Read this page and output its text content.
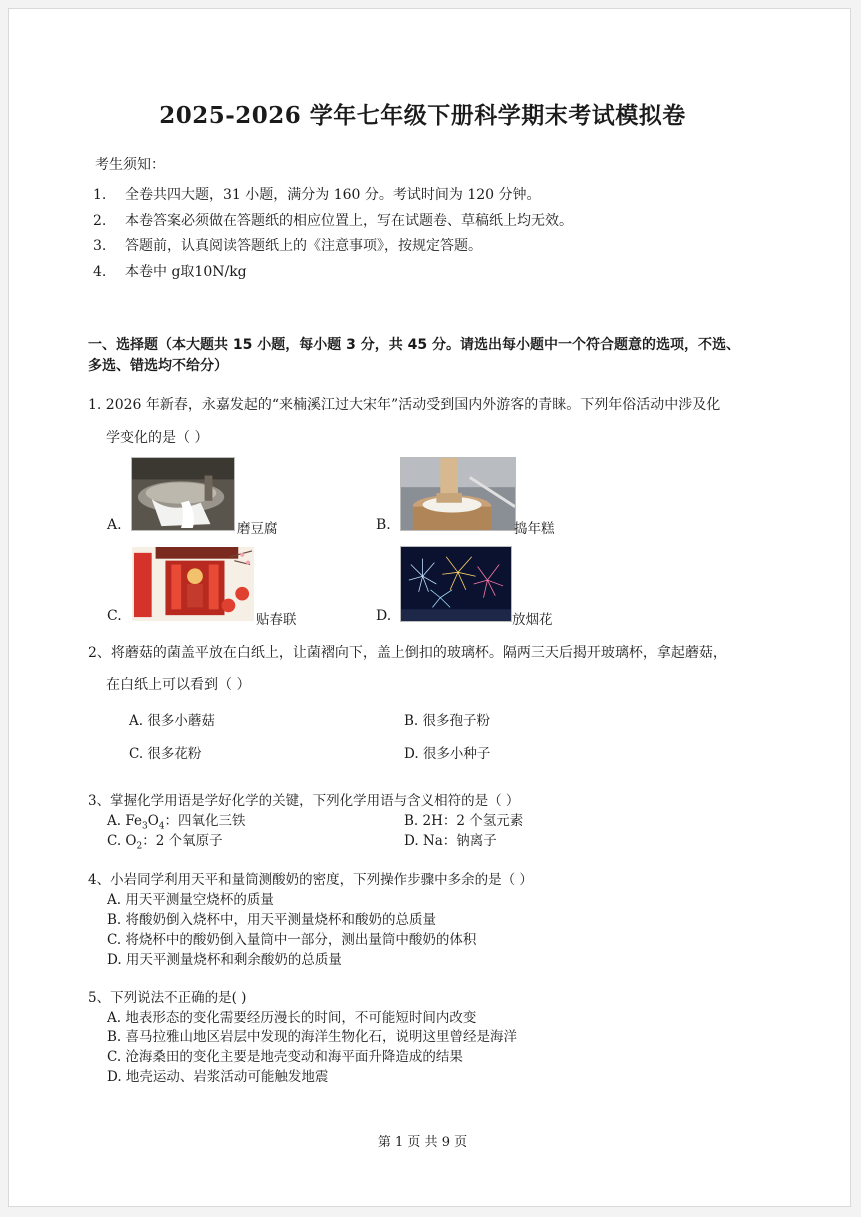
2025-2026 学年七年级下册科学期末考试模拟卷
考生须知：
1. 全卷共四大题，31 小题，满分为 160 分。考试时间为 120 分钟。
2. 本卷答案必须做在答题纸的相应位置上，写在试题卷、草稿纸上均无效。
3. 答题前，认真阅读答题纸上的《注意事项》，按规定答题。
4. 本卷中 g取10N/kg
一、选择题（本大题共 15 小题，每小题 3 分，共 45 分。请选出每小题中一个符合题意的选项，不选、
多选、错选均不给分）
1. 2026 年新春，永嘉发起的“来楠溪江过大宋年”活动受到国内外游客的青睐。下列年俗活动中涉及化
学变化的是（ ）
A.	磨豆腐	B.	捣年糕
C.	贴春联	D.	放烟花
2、将蘑菇的菌盖平放在白纸上，让菌褶向下，盖上倒扣的玻璃杯。隔两三天后揭开玻璃杯，拿起蘑菇，
在白纸上可以看到（ ）
A. 很多小蘑菇	B. 很多孢子粉
C. 很多花粉	D. 很多小种子
3、掌握化学用语是学好化学的关键，下列化学用语与含义相符的是（ ）
A. $Fe_3O_4$：四氧化三铁	B. 2H：2 个氢元素
C. $O_2$：2 个氧原子	D. Na：钠离子
4、小岩同学利用天平和量筒测酸奶的密度，下列操作步骤中多余的是（ ）
A. 用天平测量空烧杯的质量
B. 将酸奶倒入烧杯中，用天平测量烧杯和酸奶的总质量
C. 将烧杯中的酸奶倒入量筒中一部分，测出量筒中酸奶的体积
D. 用天平测量烧杯和剩余酸奶的总质量
5、下列说法不正确的是( )
A. 地表形态的变化需要经历漫长的时间，不可能短时间内改变
B. 喜马拉雅山地区岩层中发现的海洋生物化石，说明这里曾经是海洋
C. 沧海桑田的变化主要是地壳变动和海平面升降造成的结果
D. 地壳运动、岩浆活动可能触发地震
第 1 页 共 9 页
